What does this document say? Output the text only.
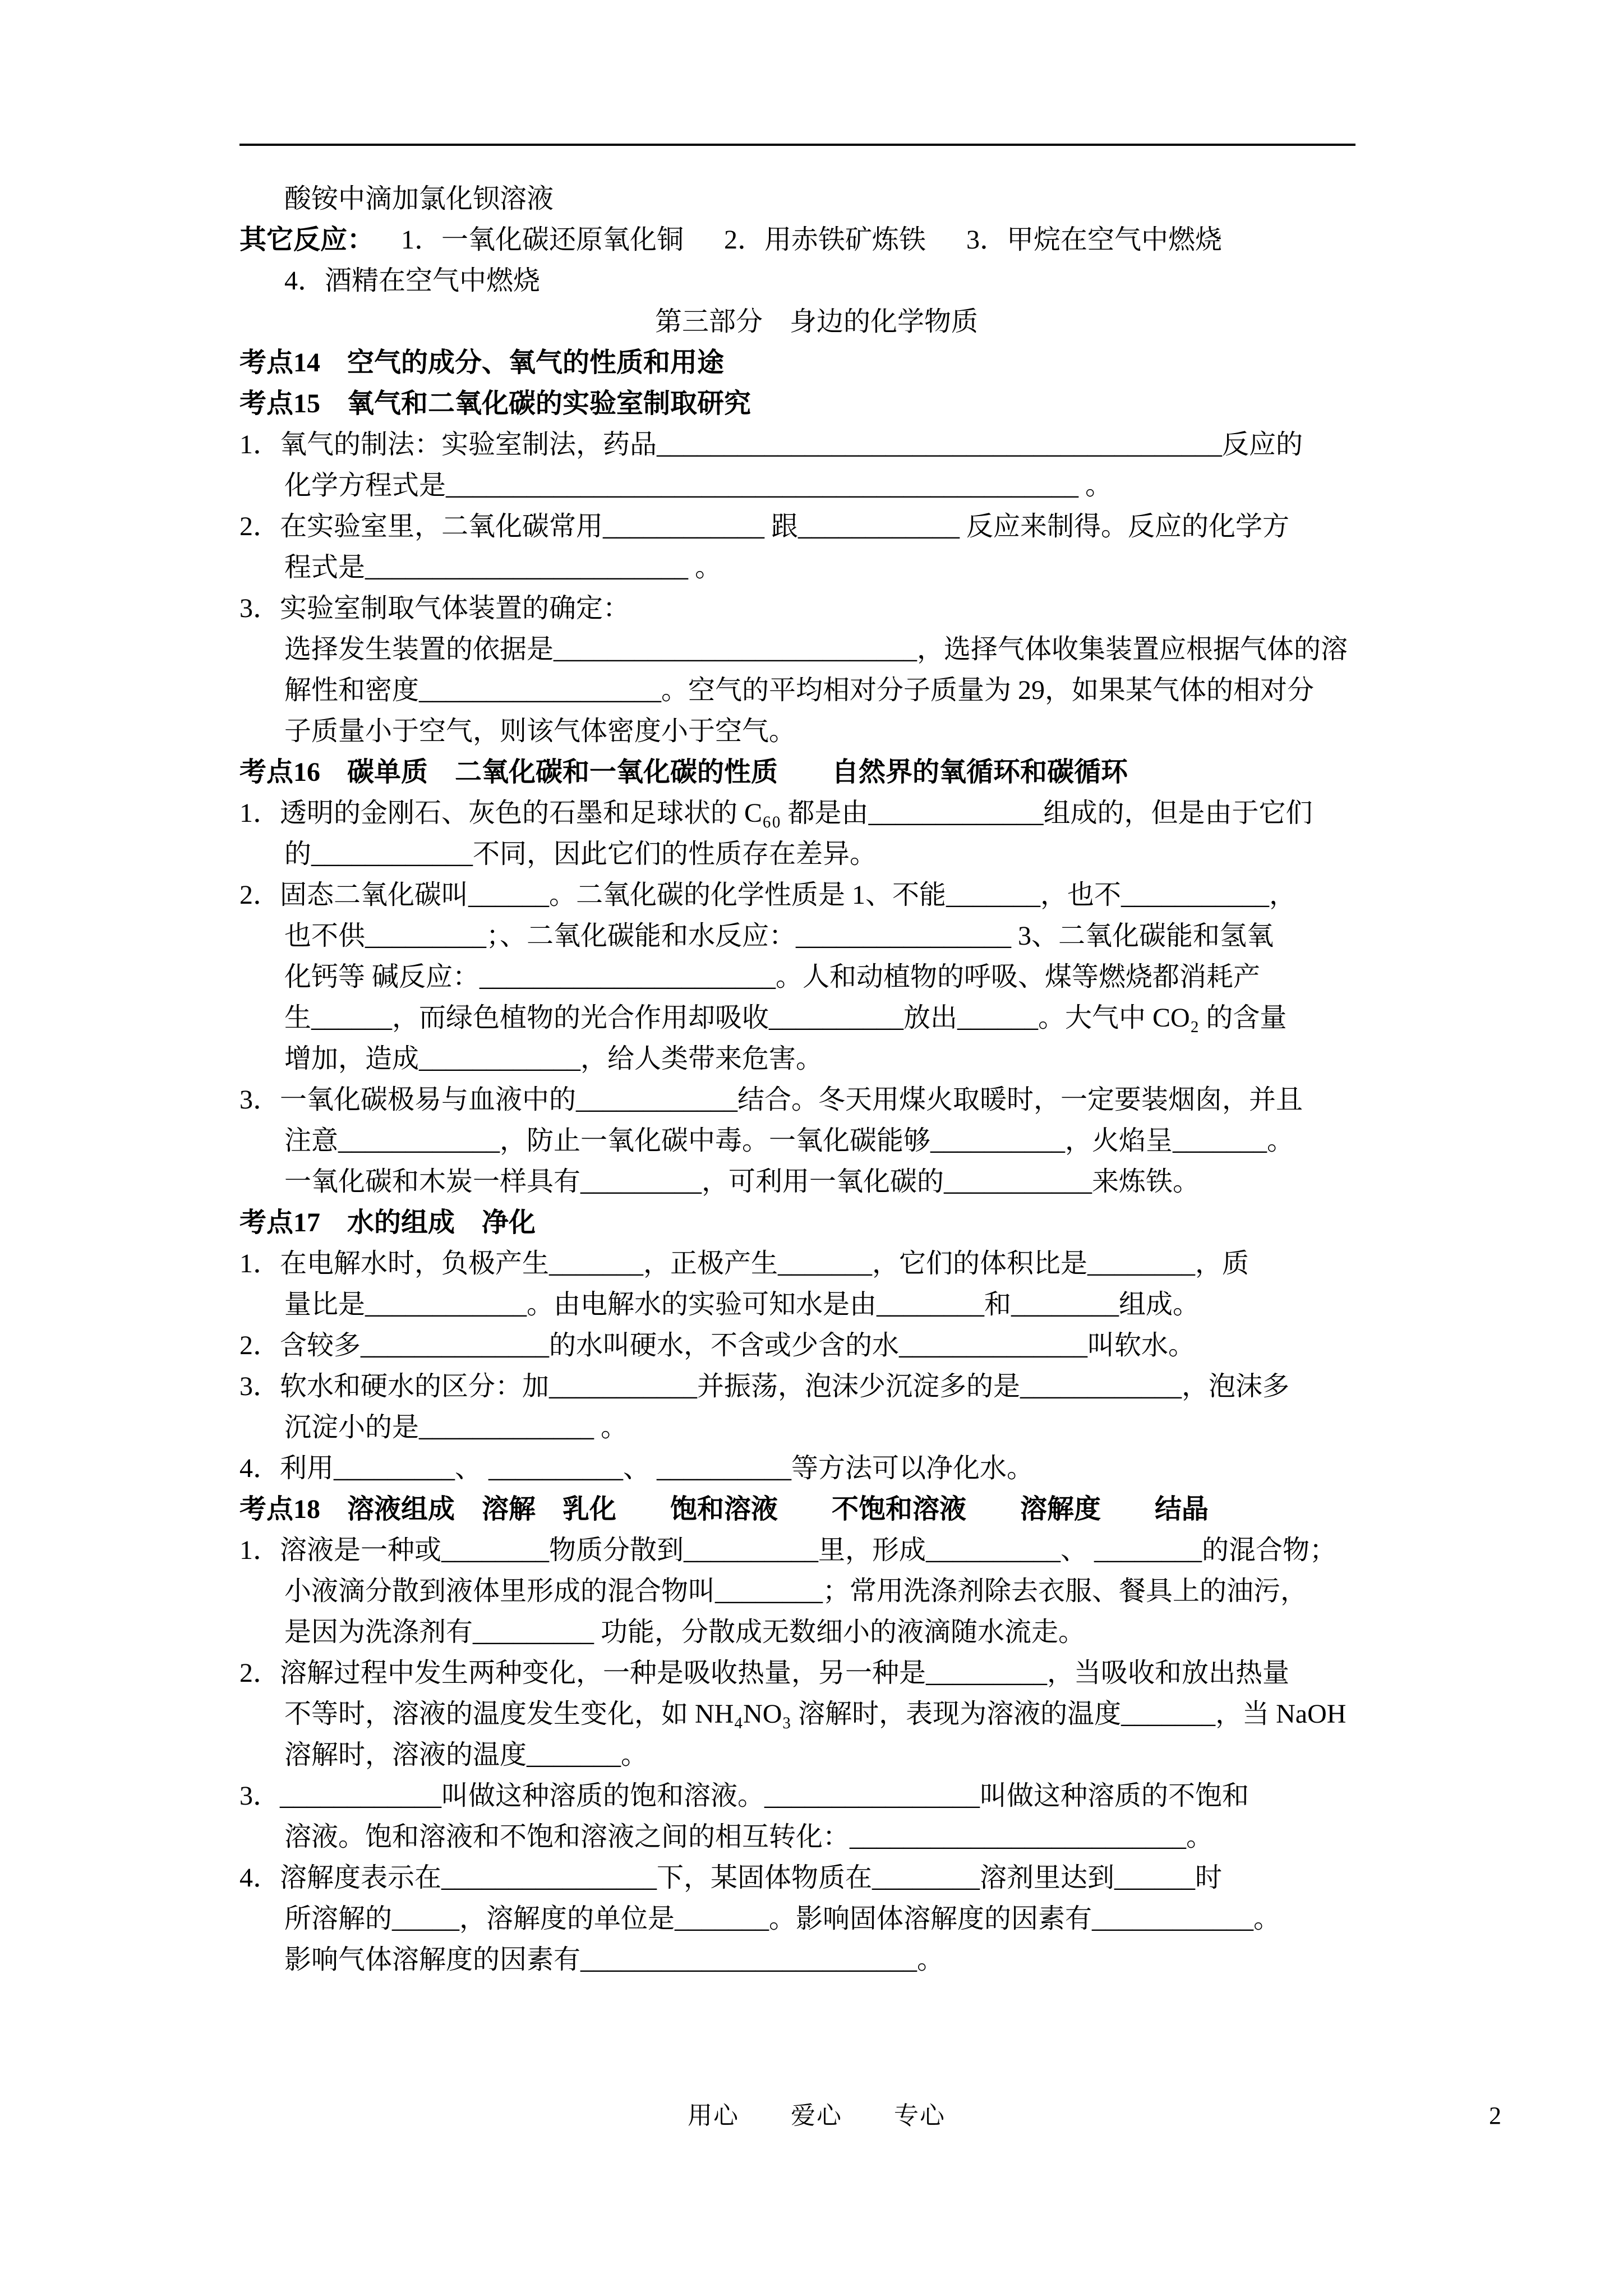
酸铵中滴加氯化钡溶液
其它反应：    1．一氧化碳还原氧化铜      2．用赤铁矿炼铁      3．甲烷在空气中燃烧
4．酒精在空气中燃烧
第三部分　身边的化学物质
考点14　空气的成分、氧气的性质和用途
考点15　氧气和二氧化碳的实验室制取研究
1．氧气的制法：实验室制法，药品__________________________________________反应的
化学方程式是_______________________________________________ 。
2．在实验室里，二氧化碳常用____________ 跟____________ 反应来制得。反应的化学方
程式是________________________ 。
3．实验室制取气体装置的确定：
选择发生装置的依据是___________________________，选择气体收集装置应根据气体的溶
解性和密度__________________。空气的平均相对分子质量为 29，如果某气体的相对分
子质量小于空气，则该气体密度小于空气。
考点16　碳单质　二氧化碳和一氧化碳的性质　　自然界的氧循环和碳循环
1．透明的金刚石、灰色的石墨和足球状的 C₆₀ 都是由_____________组成的，但是由于它们
的____________不同，因此它们的性质存在差异。
2．固态二氧化碳叫______。二氧化碳的化学性质是 1、不能_______，也不___________，
也不供_________；、二氧化碳能和水反应：________________ 3、二氧化碳能和氢氧
化钙等 碱反应：______________________。人和动植物的呼吸、煤等燃烧都消耗产
生______，而绿色植物的光合作用却吸收__________放出______。大气中 CO₂ 的含量
增加，造成____________，给人类带来危害。
3．一氧化碳极易与血液中的____________结合。冬天用煤火取暖时，一定要装烟囱，并且
注意____________，防止一氧化碳中毒。一氧化碳能够__________，火焰呈_______。
一氧化碳和木炭一样具有_________，可利用一氧化碳的___________来炼铁。
考点17　水的组成　净化
1．在电解水时，负极产生_______，正极产生_______，它们的体积比是________，质
量比是____________。由电解水的实验可知水是由________和________组成。
2．含较多______________的水叫硬水，不含或少含的水______________叫软水。
3．软水和硬水的区分：加___________并振荡，泡沫少沉淀多的是____________，泡沫多
沉淀小的是_____________ 。
4．利用_________、 __________、 __________等方法可以净化水。
考点18　溶液组成　溶解　乳化　　饱和溶液　　不饱和溶液　　溶解度　　结晶
1．溶液是一种或________物质分散到__________里，形成__________、 ________的混合物；
小液滴分散到液体里形成的混合物叫________；常用洗涤剂除去衣服、餐具上的油污，
是因为洗涤剂有_________ 功能，分散成无数细小的液滴随水流走。
2．溶解过程中发生两种变化，一种是吸收热量，另一种是_________，当吸收和放出热量
不等时，溶液的温度发生变化，如 NH₄NO₃ 溶解时，表现为溶液的温度_______，当 NaOH
溶解时，溶液的温度_______。
3．____________叫做这种溶质的饱和溶液。________________叫做这种溶质的不饱和
溶液。饱和溶液和不饱和溶液之间的相互转化：_________________________。
4．溶解度表示在________________下，某固体物质在________溶剂里达到______时
所溶解的_____，溶解度的单位是_______。影响固体溶解度的因素有____________。
影响气体溶解度的因素有_________________________。
用心　　爱心　　专心	2
